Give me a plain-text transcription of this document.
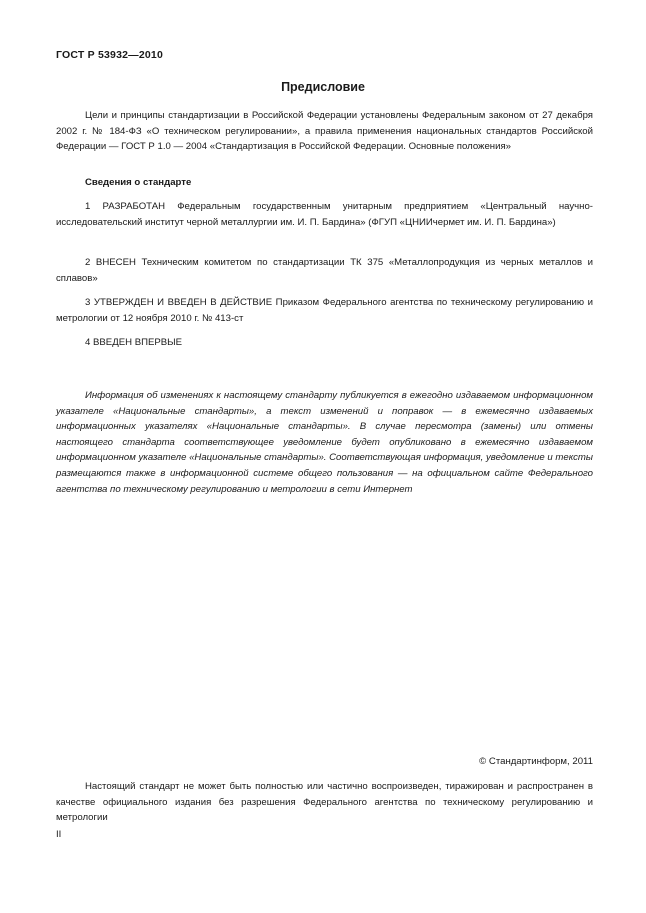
ГОСТ Р 53932—2010
Предисловие

Цели и принципы стандартизации в Российской Федерации установлены Федеральным законом от 27 декабря 2002 г. № 184-ФЗ «О техническом регулировании», а правила применения национальных стандартов Российской Федерации — ГОСТ Р 1.0 — 2004 «Стандартизация в Российской Федерации. Основные положения»

Сведения о стандарте

1 РАЗРАБОТАН Федеральным государственным унитарным предприятием «Центральный научно-исследовательский институт черной металлургии им. И. П. Бардина» (ФГУП «ЦНИИчермет им. И. П. Бардина»)

2 ВНЕСЕН Техническим комитетом по стандартизации ТК 375 «Металлопродукция из черных металлов и сплавов»

3 УТВЕРЖДЕН И ВВЕДЕН В ДЕЙСТВИЕ Приказом Федерального агентства по техническому регулированию и метрологии от 12 ноября 2010 г. № 413-ст

4 ВВЕДЕН ВПЕРВЫЕ

Информация об изменениях к настоящему стандарту публикуется в ежегодно издаваемом информационном указателе «Национальные стандарты», а текст изменений и поправок — в ежемесячно издаваемых информационных указателях «Национальные стандарты». В случае пересмотра (замены) или отмены настоящего стандарта соответствующее уведомление будет опубликовано в ежемесячно издаваемом информационном указателе «Национальные стандарты». Соответствующая информация, уведомление и тексты размещаются также в информационной системе общего пользования — на официальном сайте Федерального агентства по техническому регулированию и метрологии в сети Интернет

© Стандартинформ, 2011

Настоящий стандарт не может быть полностью или частично воспроизведен, тиражирован и распространен в качестве официального издания без разрешения Федерального агентства по техническому регулированию и метрологии

II
